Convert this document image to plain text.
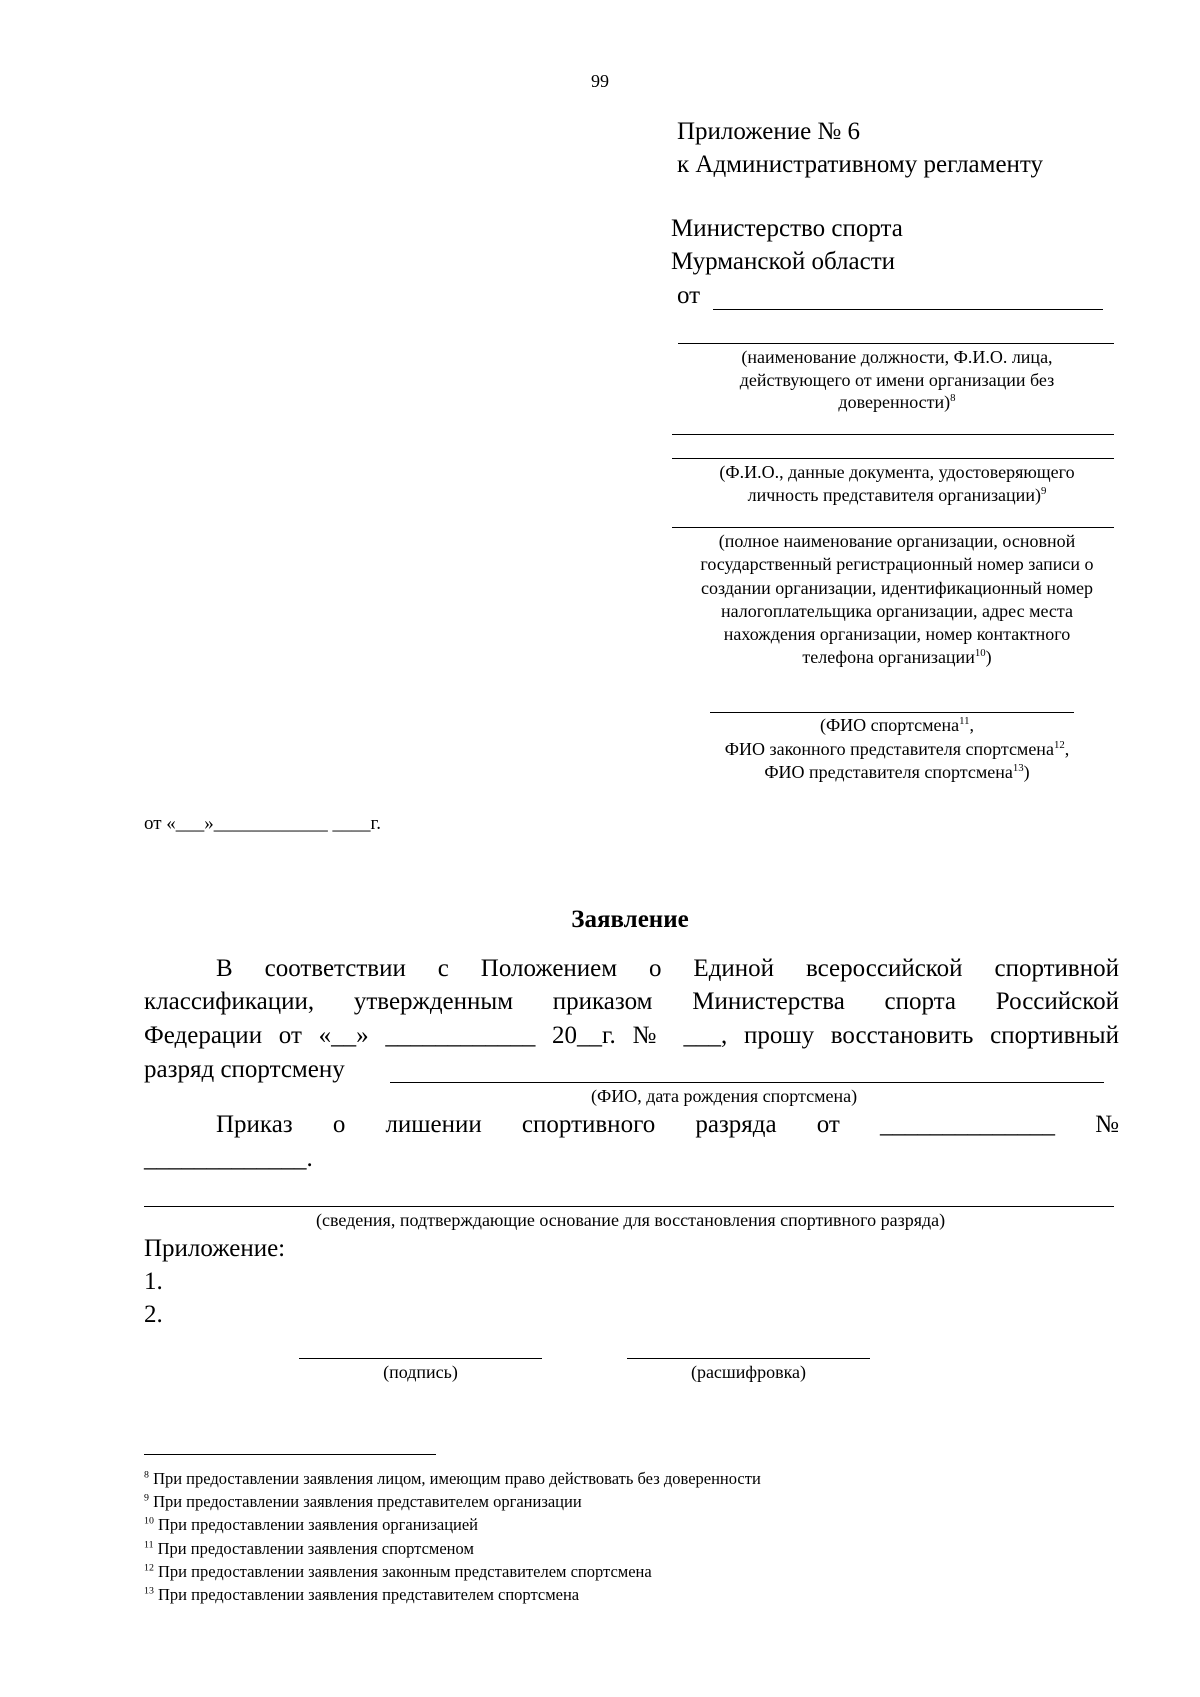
99
Приложение № 6
к Административному регламенту
Министерство спорта
Мурманской области
от
(наименование должности, Ф.И.О. лица,
действующего от имени организации без
доверенности)$^8$
(Ф.И.О., данные документа, удостоверяющего
личность представителя организации)$^9$
(полное наименование организации, основной
государственный регистрационный номер записи о
создании организации, идентификационный номер
налогоплательщика организации, адрес места
нахождения организации, номер контактного
телефона организации$^{10}$)
(ФИО спортсмена$^{11}$,
ФИО законного представителя спортсмена$^{12}$,
ФИО представителя спортсмена$^{13}$)
от «___»____________ ____г.
Заявление
В соответствии с Положением о Единой всероссийской спортивной
классификации, утвержденным приказом Министерства спорта Российской
Федерации от «__» ____________ 20__г. № ___, прошу восстановить спортивный
разряд спортсмену
(ФИО, дата рождения спортсмена)
Приказ о лишении спортивного разряда от ______________ №
_____________.
(сведения, подтверждающие основание для восстановления спортивного разряда)
Приложение:
1.
2.
(подпись)	(расшифровка)
$^8$ При предоставлении заявления лицом, имеющим право действовать без доверенности
$^9$ При предоставлении заявления представителем организации
$^{10}$ При предоставлении заявления организацией
$^{11}$ При предоставлении заявления спортсменом
$^{12}$ При предоставлении заявления законным представителем спортсмена
$^{13}$ При предоставлении заявления представителем спортсмена
